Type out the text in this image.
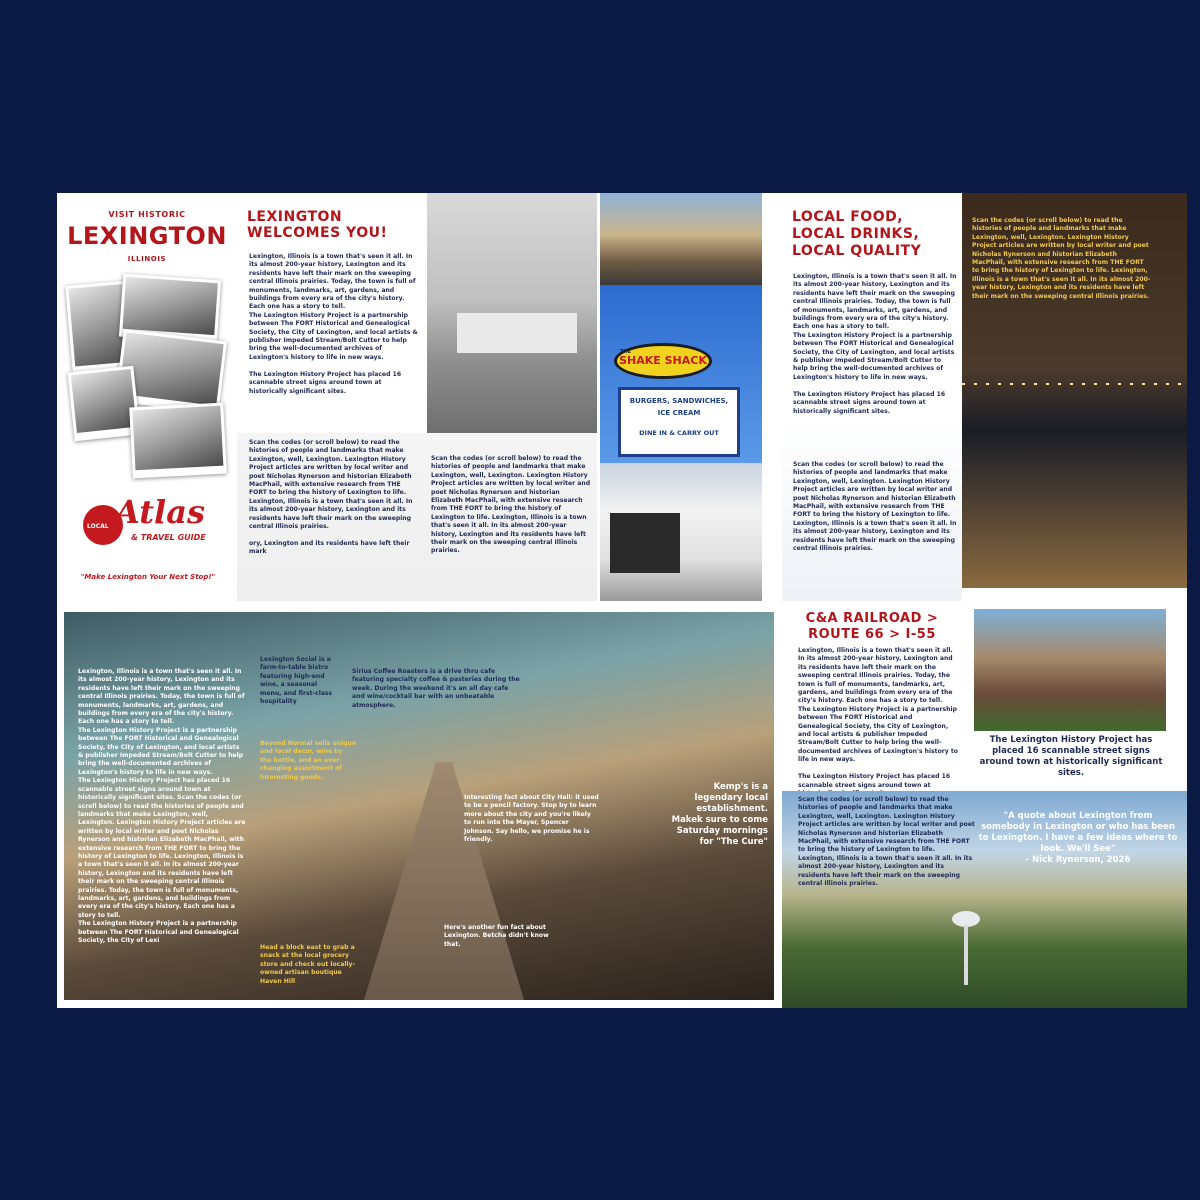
VISIT HISTORIC
LEXINGTON
ILLINOIS
LOCAL Atlas
& TRAVEL GUIDE
"Make Lexington Your Next Stop!"
LEXINGTON
WELCOMES YOU!

Lexington, Illinois is a town that's seen it all. In its almost 200-year history, Lexington and its residents have left their mark on the sweeping central Illinois prairies. Today, the town is full of monuments, landmarks, art, gardens, and buildings from every era of the city's history. Each one has a story to tell.
The Lexington History Project is a partnership between The FORT Historical and Genealogical Society, the City of Lexington, and local artists & publisher Impeded Stream/Bolt Cutter to help bring the well-documented archives of Lexington's history to life in new ways.

The Lexington History Project has placed 16 scannable street signs around town at historically significant sites.

Scan the codes (or scroll below) to read the histories of people and landmarks that make Lexington, well, Lexington. Lexington History Project articles are written by local writer and poet Nicholas Rynerson and historian Elizabeth MacPhail, with extensive research from THE FORT to bring the history of Lexington to life. Lexington, Illinois is a town that's seen it all. In its almost 200-year history, Lexington and its residents have left their mark on the sweeping central Illinois prairies.

ory, Lexington and its residents have left their mark

Scan the codes (or scroll below) to read the histories of people and landmarks that make Lexington, well, Lexington. Lexington History Project articles are written by local writer and poet Nicholas Rynerson and historian Elizabeth MacPhail, with extensive research from THE FORT to bring the history of Lexington to life. Lexington, Illinois is a town that's seen it all. In its almost 200-year history, Lexington and its residents have left their mark on the sweeping central Illinois prairies.

THE
SHAKE SHACK
BURGERS, SANDWICHES,
ICE CREAM
DINE IN & CARRY OUT
LOCAL FOOD,
LOCAL DRINKS,
LOCAL QUALITY

Lexington, Illinois is a town that's seen it all. In its almost 200-year history, Lexington and its residents have left their mark on the sweeping central Illinois prairies. Today, the town is full of monuments, landmarks, art, gardens, and buildings from every era of the city's history. Each one has a story to tell.
The Lexington History Project is a partnership between The FORT Historical and Genealogical Society, the City of Lexington, and local artists & publisher Impeded Stream/Bolt Cutter to help bring the well-documented archives of Lexington's history to life in new ways.

The Lexington History Project has placed 16 scannable street signs around town at historically significant sites.

Scan the codes (or scroll below) to read the histories of people and landmarks that make Lexington, well, Lexington. Lexington History Project articles are written by local writer and poet Nicholas Rynerson and historian Elizabeth MacPhail, with extensive research from THE FORT to bring the history of Lexington to life. Lexington, Illinois is a town that's seen it all. In its almost 200-year history, Lexington and its residents have left their mark on the sweeping central Illinois prairies.

Scan the codes (or scroll below) to read the histories of people and landmarks that make Lexington, well, Lexington. Lexington History Project articles are written by local writer and poet Nicholas Rynerson and historian Elizabeth MacPhail, with extensive research from THE FORT to bring the history of Lexington to life. Lexington, Illinois is a town that's seen it all. In its almost 200-year history, Lexington and its residents have left their mark on the sweeping central Illinois prairies.

Lexington, Illinois is a town that's seen it all. In its almost 200-year history, Lexington and its residents have left their mark on the sweeping central Illinois prairies. Today, the town is full of monuments, landmarks, art, gardens, and buildings from every era of the city's history. Each one has a story to tell.
The Lexington History Project is a partnership between The FORT Historical and Genealogical Society, the City of Lexington, and local artists & publisher Impeded Stream/Bolt Cutter to help bring the well-documented archives of Lexington's history to life in new ways.
The Lexington History Project has placed 16 scannable street signs around town at historically significant sites. Scan the codes (or scroll below) to read the histories of people and landmarks that make Lexington, well, Lexington. Lexington History Project articles are written by local writer and poet Nicholas Rynerson and historian Elizabeth MacPhail, with extensive research from THE FORT to bring the history of Lexington to life. Lexington, Illinois is a town that's seen it all. In its almost 200-year history, Lexington and its residents have left their mark on the sweeping central Illinois prairies. Today, the town is full of monuments, landmarks, art, gardens, and buildings from every era of the city's history. Each one has a story to tell.
The Lexington History Project is a partnership between The FORT Historical and Genealogical Society, the City of Lexi

Lexington Social is a farm-to-table bistro featuring high-end wine, a seasonal menu, and first-class hospitality

Sirius Coffee Roasters is a drive thru cafe featuring specialty coffee & pasteries during the week. During the weekend it's an all day cafe and wine/cocktail bar with an unbeatable atmosphere.

Beyond Normal sells unique and local decor, wine by the bottle, and an ever-changing assortment of interesting goods.

Kemp's is a legendary local establishment. Makek sure to come Saturday mornings for "The Cure"

Interesting fact about City Hall: it used to be a pencil factory. Stop by to learn more about the city and you're likely to run into the Mayer, Spencer Johnson. Say hello, we promise he is friendly.

Here's another fun fact about Lexington. Betcha didn't know that.

Head a block east to grab a snack at the local grocery store and check out locally-owned artisan boutique Haven Hill

C&A RAILROAD >
ROUTE 66 > I-55

Lexington, Illinois is a town that's seen it all. In its almost 200-year history, Lexington and its residents have left their mark on the sweeping central Illinois prairies. Today, the town is full of monuments, landmarks, art, gardens, and buildings from every era of the city's history. Each one has a story to tell.
The Lexington History Project is a partnership between The FORT Historical and Genealogical Society, the City of Lexington, and local artists & publisher Impeded Stream/Bolt Cutter to help bring the well-documented archives of Lexington's history to life in new ways.

The Lexington History Project has placed 16 scannable street signs around town at

The Lexington History Project has placed 16 scannable street signs around town at historically significant sites.

Scan the codes (or scroll below) to read the histories of people and landmarks that make Lexington, well, Lexington. Lexington History Project articles are written by local writer and poet Nicholas Rynerson and historian Elizabeth MacPhail, with extensive research from THE FORT to bring the history of Lexington to life.
Lexington, Illinois is a town that's seen it all. In its almost 200-year history, Lexington and its residents have left their mark on the sweeping central Illinois prairies.

"A quote about Lexington from somebody in Lexington or who has been to Lexington. I have a few ideas where to look. We'll See"
- Nick Rynerson, 2026
